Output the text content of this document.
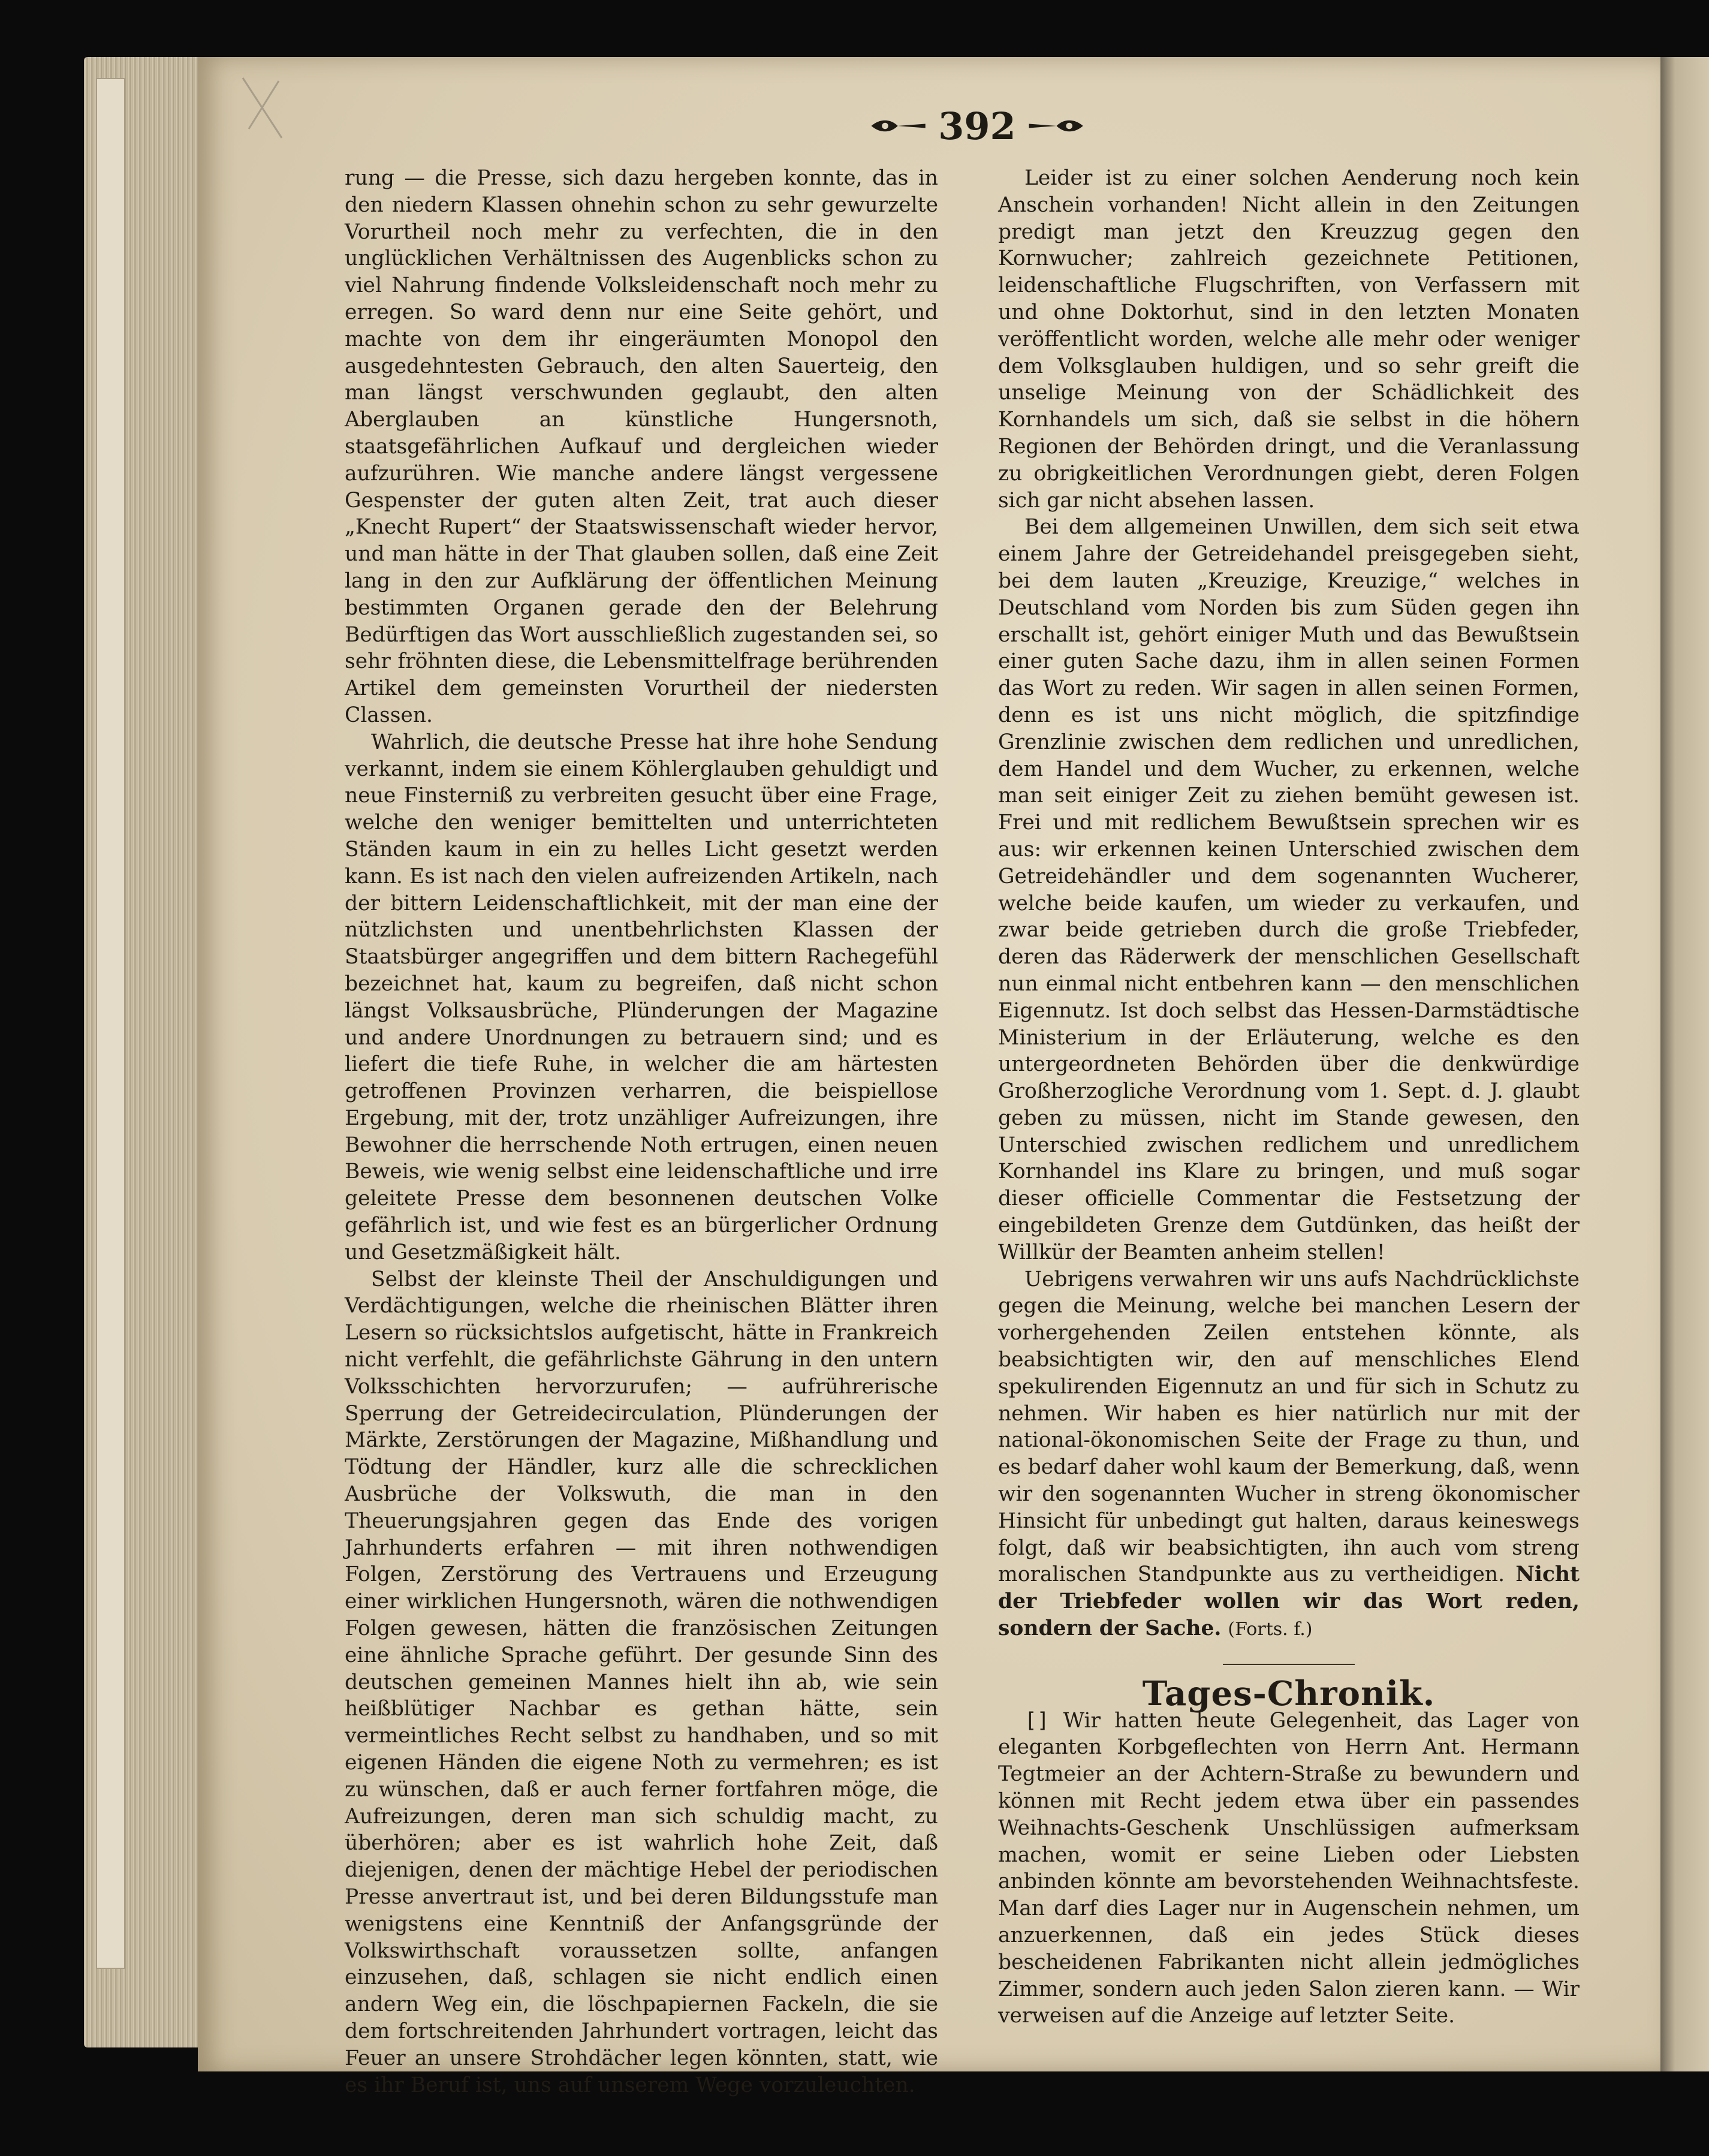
392

rung — die Presse, sich dazu hergeben konnte, das in den niedern Klassen ohnehin schon zu sehr gewurzelte Vorurtheil noch mehr zu verfechten, die in den unglücklichen Verhältnissen des Augenblicks schon zu viel Nahrung findende Volksleidenschaft noch mehr zu erregen. So ward denn nur eine Seite gehört, und machte von dem ihr eingeräumten Monopol den ausgedehntesten Gebrauch, den alten Sauerteig, den man längst verschwunden geglaubt, den alten Aberglauben an künstliche Hungersnoth, staatsgefährlichen Aufkauf und dergleichen wieder aufzurühren. Wie manche andere längst vergessene Gespenster der guten alten Zeit, trat auch dieser „Knecht Rupert“ der Staatswissenschaft wieder hervor, und man hätte in der That glauben sollen, daß eine Zeit lang in den zur Aufklärung der öffentlichen Meinung bestimmten Organen gerade den der Belehrung Bedürftigen das Wort ausschließlich zugestanden sei, so sehr fröhnten diese, die Lebensmittelfrage berührenden Artikel dem gemeinsten Vorurtheil der niedersten Classen.

Wahrlich, die deutsche Presse hat ihre hohe Sendung verkannt, indem sie einem Köhlerglauben gehuldigt und neue Finsterniß zu verbreiten gesucht über eine Frage, welche den weniger bemittelten und unterrichteten Ständen kaum in ein zu helles Licht gesetzt werden kann. Es ist nach den vielen aufreizenden Artikeln, nach der bittern Leidenschaftlichkeit, mit der man eine der nützlichsten und unentbehrlichsten Klassen der Staatsbürger angegriffen und dem bittern Rachegefühl bezeichnet hat, kaum zu begreifen, daß nicht schon längst Volksausbrüche, Plünderungen der Magazine und andere Unordnungen zu betrauern sind; und es liefert die tiefe Ruhe, in welcher die am härtesten getroffenen Provinzen verharren, die beispiellose Ergebung, mit der, trotz unzähliger Aufreizungen, ihre Bewohner die herrschende Noth ertrugen, einen neuen Beweis, wie wenig selbst eine leidenschaftliche und irre geleitete Presse dem besonnenen deutschen Volke gefährlich ist, und wie fest es an bürgerlicher Ordnung und Gesetzmäßigkeit hält.

Selbst der kleinste Theil der Anschuldigungen und Verdächtigungen, welche die rheinischen Blätter ihren Lesern so rücksichtslos aufgetischt, hätte in Frankreich nicht verfehlt, die gefährlichste Gährung in den untern Volksschichten hervorzurufen; — aufrührerische Sperrung der Getreidecirculation, Plünderungen der Märkte, Zerstörungen der Magazine, Mißhandlung und Tödtung der Händler, kurz alle die schrecklichen Ausbrüche der Volkswuth, die man in den Theuerungsjahren gegen das Ende des vorigen Jahrhunderts erfahren — mit ihren nothwendigen Folgen, Zerstörung des Vertrauens und Erzeugung einer wirklichen Hungersnoth, wären die nothwendigen Folgen gewesen, hätten die französischen Zeitungen eine ähnliche Sprache geführt. Der gesunde Sinn des deutschen gemeinen Mannes hielt ihn ab, wie sein heißblütiger Nachbar es gethan hätte, sein vermeintliches Recht selbst zu handhaben, und so mit eigenen Händen die eigene Noth zu vermehren; es ist zu wünschen, daß er auch ferner fortfahren möge, die Aufreizungen, deren man sich schuldig macht, zu überhören; aber es ist wahrlich hohe Zeit, daß diejenigen, denen der mächtige Hebel der periodischen Presse anvertraut ist, und bei deren Bildungsstufe man wenigstens eine Kenntniß der Anfangsgründe der Volkswirthschaft voraussetzen sollte, anfangen einzusehen, daß, schlagen sie nicht endlich einen andern Weg ein, die löschpapiernen Fackeln, die sie dem fortschreitenden Jahrhundert vortragen, leicht das Feuer an unsere Strohdächer legen könnten, statt, wie es ihr Beruf ist, uns auf unserem Wege vorzuleuchten.

Leider ist zu einer solchen Aenderung noch kein Anschein vorhanden! Nicht allein in den Zeitungen predigt man jetzt den Kreuzzug gegen den Kornwucher; zahlreich gezeichnete Petitionen, leidenschaftliche Flugschriften, von Verfassern mit und ohne Doktorhut, sind in den letzten Monaten veröffentlicht worden, welche alle mehr oder weniger dem Volksglauben huldigen, und so sehr greift die unselige Meinung von der Schädlichkeit des Kornhandels um sich, daß sie selbst in die höhern Regionen der Behörden dringt, und die Veranlassung zu obrigkeitlichen Verordnungen giebt, deren Folgen sich gar nicht absehen lassen.

Bei dem allgemeinen Unwillen, dem sich seit etwa einem Jahre der Getreidehandel preisgegeben sieht, bei dem lauten „Kreuzige, Kreuzige,“ welches in Deutschland vom Norden bis zum Süden gegen ihn erschallt ist, gehört einiger Muth und das Bewußtsein einer guten Sache dazu, ihm in allen seinen Formen das Wort zu reden. Wir sagen in allen seinen Formen, denn es ist uns nicht möglich, die spitzfindige Grenzlinie zwischen dem redlichen und unredlichen, dem Handel und dem Wucher, zu erkennen, welche man seit einiger Zeit zu ziehen bemüht gewesen ist. Frei und mit redlichem Bewußtsein sprechen wir es aus: wir erkennen keinen Unterschied zwischen dem Getreidehändler und dem sogenannten Wucherer, welche beide kaufen, um wieder zu verkaufen, und zwar beide getrieben durch die große Triebfeder, deren das Räderwerk der menschlichen Gesellschaft nun einmal nicht entbehren kann — den menschlichen Eigennutz. Ist doch selbst das Hessen-Darmstädtische Ministerium in der Erläuterung, welche es den untergeordneten Behörden über die denkwürdige Großherzogliche Verordnung vom 1. Sept. d. J. glaubt geben zu müssen, nicht im Stande gewesen, den Unterschied zwischen redlichem und unredlichem Kornhandel ins Klare zu bringen, und muß sogar dieser officielle Commentar die Festsetzung der eingebildeten Grenze dem Gutdünken, das heißt der Willkür der Beamten anheim stellen!

Uebrigens verwahren wir uns aufs Nachdrücklichste gegen die Meinung, welche bei manchen Lesern der vorhergehenden Zeilen entstehen könnte, als beabsichtigten wir, den auf menschliches Elend spekulirenden Eigennutz an und für sich in Schutz zu nehmen. Wir haben es hier natürlich nur mit der national-ökonomischen Seite der Frage zu thun, und es bedarf daher wohl kaum der Bemerkung, daß, wenn wir den sogenannten Wucher in streng ökonomischer Hinsicht für unbedingt gut halten, daraus keineswegs folgt, daß wir beabsichtigten, ihn auch vom streng moralischen Standpunkte aus zu vertheidigen. Nicht der Triebfeder wollen wir das Wort reden, sondern der Sache. (Forts. f.)

Tages-Chronik.

[] Wir hatten heute Gelegenheit, das Lager von eleganten Korbgeflechten von Herrn Ant. Hermann Tegtmeier an der Achtern-Straße zu bewundern und können mit Recht jedem etwa über ein passendes Weihnachts-Geschenk Unschlüssigen aufmerksam machen, womit er seine Lieben oder Liebsten anbinden könnte am bevorstehenden Weihnachtsfeste. Man darf dies Lager nur in Augenschein nehmen, um anzuerkennen, daß ein jedes Stück dieses bescheidenen Fabrikanten nicht allein jedmögliches Zimmer, sondern auch jeden Salon zieren kann. — Wir verweisen auf die Anzeige auf letzter Seite.
